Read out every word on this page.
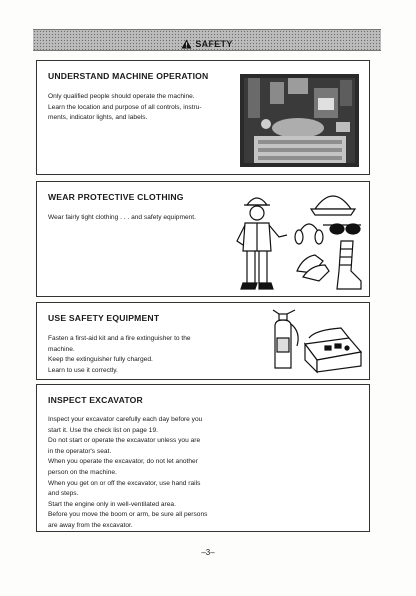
SAFETY
UNDERSTAND MACHINE OPERATION

Only qualified people should operate the machine.

Learn the location and purpose of all controls, instru-

ments, indicator lights, and labels.

WEAR PROTECTIVE CLOTHING

Wear fairly tight clothing . . . and safety equipment.

USE SAFETY EQUIPMENT

Fasten a first-aid kit and a fire extinguisher to the

machine.

Keep the extinguisher fully charged.

Learn to use it correctly.

INSPECT EXCAVATOR

Inspect your excavator carefully each day before you

start it. Use the check list on page 19.

Do not start or operate the excavator unless you are

in the operator's seat.

When you operate the excavator, do not let another

person on the machine.

When you get on or off the excavator, use hand rails

and steps.

Start the engine only in well-ventilated area.

Before you move the boom or arm, be sure all persons

are away from the excavator.

–3–
